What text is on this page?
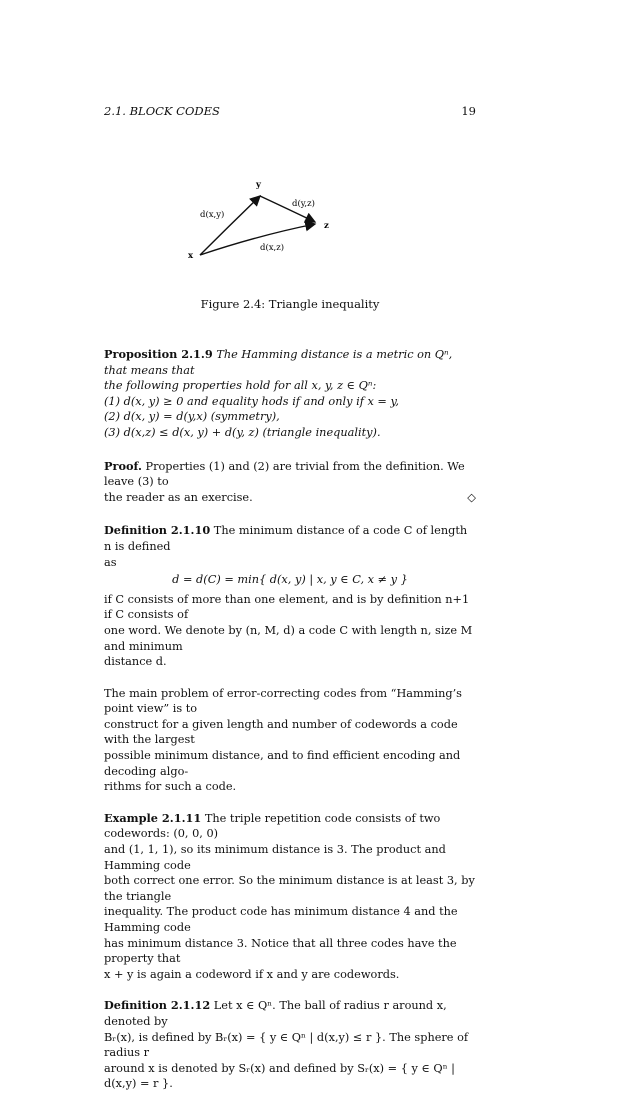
2.1. BLOCK CODES	19
y
x
z
d(x,y)
d(y,z)
d(x,z)
Figure 2.4: Triangle inequality
Proposition 2.1.9 The Hamming distance is a metric on Qⁿ, that means that
the following properties hold for all x, y, z ∈ Qⁿ:
(1) d(x, y) ≥ 0 and equality hods if and only if x = y,
(2) d(x, y) = d(y,x) (symmetry),
(3) d(x,z) ≤ d(x, y) + d(y, z) (triangle inequality).
Proof. Properties (1) and (2) are trivial from the definition. We leave (3) to
the reader as an exercise.	◇
Definition 2.1.10 The minimum distance of a code C of length n is defined
as
d = d(C) = min{ d(x, y) | x, y ∈ C, x ≠ y }
if C consists of more than one element, and is by definition n+1 if C consists of
one word. We denote by (n, M, d) a code C with length n, size M and minimum
distance d.
The main problem of error-correcting codes from “Hamming’s point view” is to
construct for a given length and number of codewords a code with the largest
possible minimum distance, and to find efficient encoding and decoding algo-
rithms for such a code.
Example 2.1.11 The triple repetition code consists of two codewords: (0, 0, 0)
and (1, 1, 1), so its minimum distance is 3. The product and Hamming code
both correct one error. So the minimum distance is at least 3, by the triangle
inequality. The product code has minimum distance 4 and the Hamming code
has minimum distance 3. Notice that all three codes have the property that
x + y is again a codeword if x and y are codewords.
Definition 2.1.12 Let x ∈ Qⁿ. The ball of radius r around x, denoted by
Bᵣ(x), is defined by Bᵣ(x) = { y ∈ Qⁿ | d(x,y) ≤ r }. The sphere of radius r
around x is denoted by Sᵣ(x) and defined by Sᵣ(x) = { y ∈ Qⁿ | d(x,y) = r }.
